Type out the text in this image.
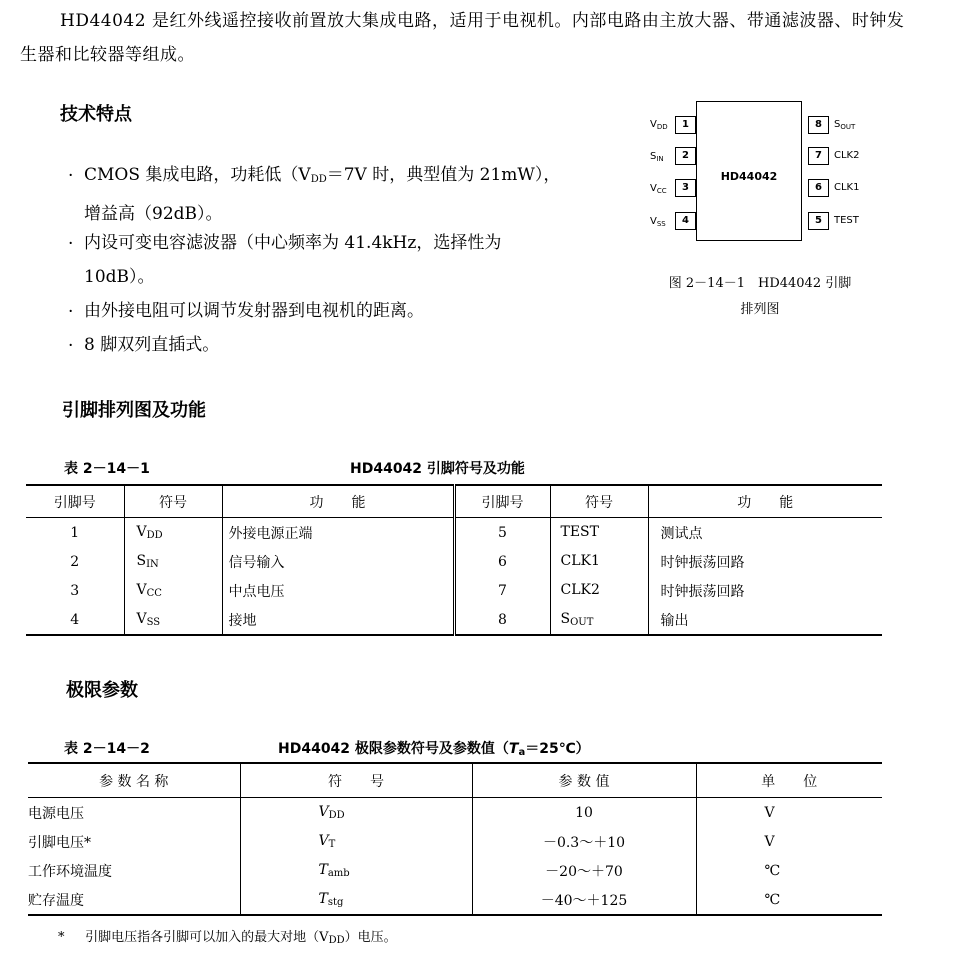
HD44042 是红外线遥控接收前置放大集成电路，适用于电视机。内部电路由主放大器、带通滤波器、时钟发生器和比较器等组成。
技术特点
· CMOS 集成电路，功耗低（$V_{DD}=7V$ 时，典型值为 21mW），
增益高（92dB）。
· 内设可变电容滤波器（中心频率为 41.4kHz，选择性为
10dB）。
· 由外接电阻可以调节发射器到电视机的距离。
· 8 脚双列直插式。
HD44042
$V_{DD}$	1
$S_{IN}$	2
$V_{CC}$	3
$V_{SS}$	4
8	$S_{OUT}$
7	CLK2
6	CLK1
5	TEST
图 2－14－1　HD44042 引脚
排列图
引脚排列图及功能
表 2－14－1	HD44042 引脚符号及功能
引脚号	符号	功　　能	引脚号	符号	功　　能
1	$V_{DD}$	外接电源正端	5	TEST	测试点
2	$S_{IN}$	信号输入	6	CLK1	时钟振荡回路
3	$V_{CC}$	中点电压	7	CLK2	时钟振荡回路
4	$V_{SS}$	接地	8	$S_{OUT}$	输出
极限参数
表 2－14－2	HD44042 极限参数符号及参数值$(T_a=25℃)$
参 数 名 称	符　　号	参 数 值	单　　位
电源电压	$V_{DD}$	10	V
引脚电压*	$V_T$	－0.3～＋10	V
工作环境温度	$T_{amb}$	－20～＋70	℃
贮存温度	$T_{stg}$	－40～＋125	℃
* 引脚电压指各引脚可以加入的最大对地$(V_{DD})$电压。
